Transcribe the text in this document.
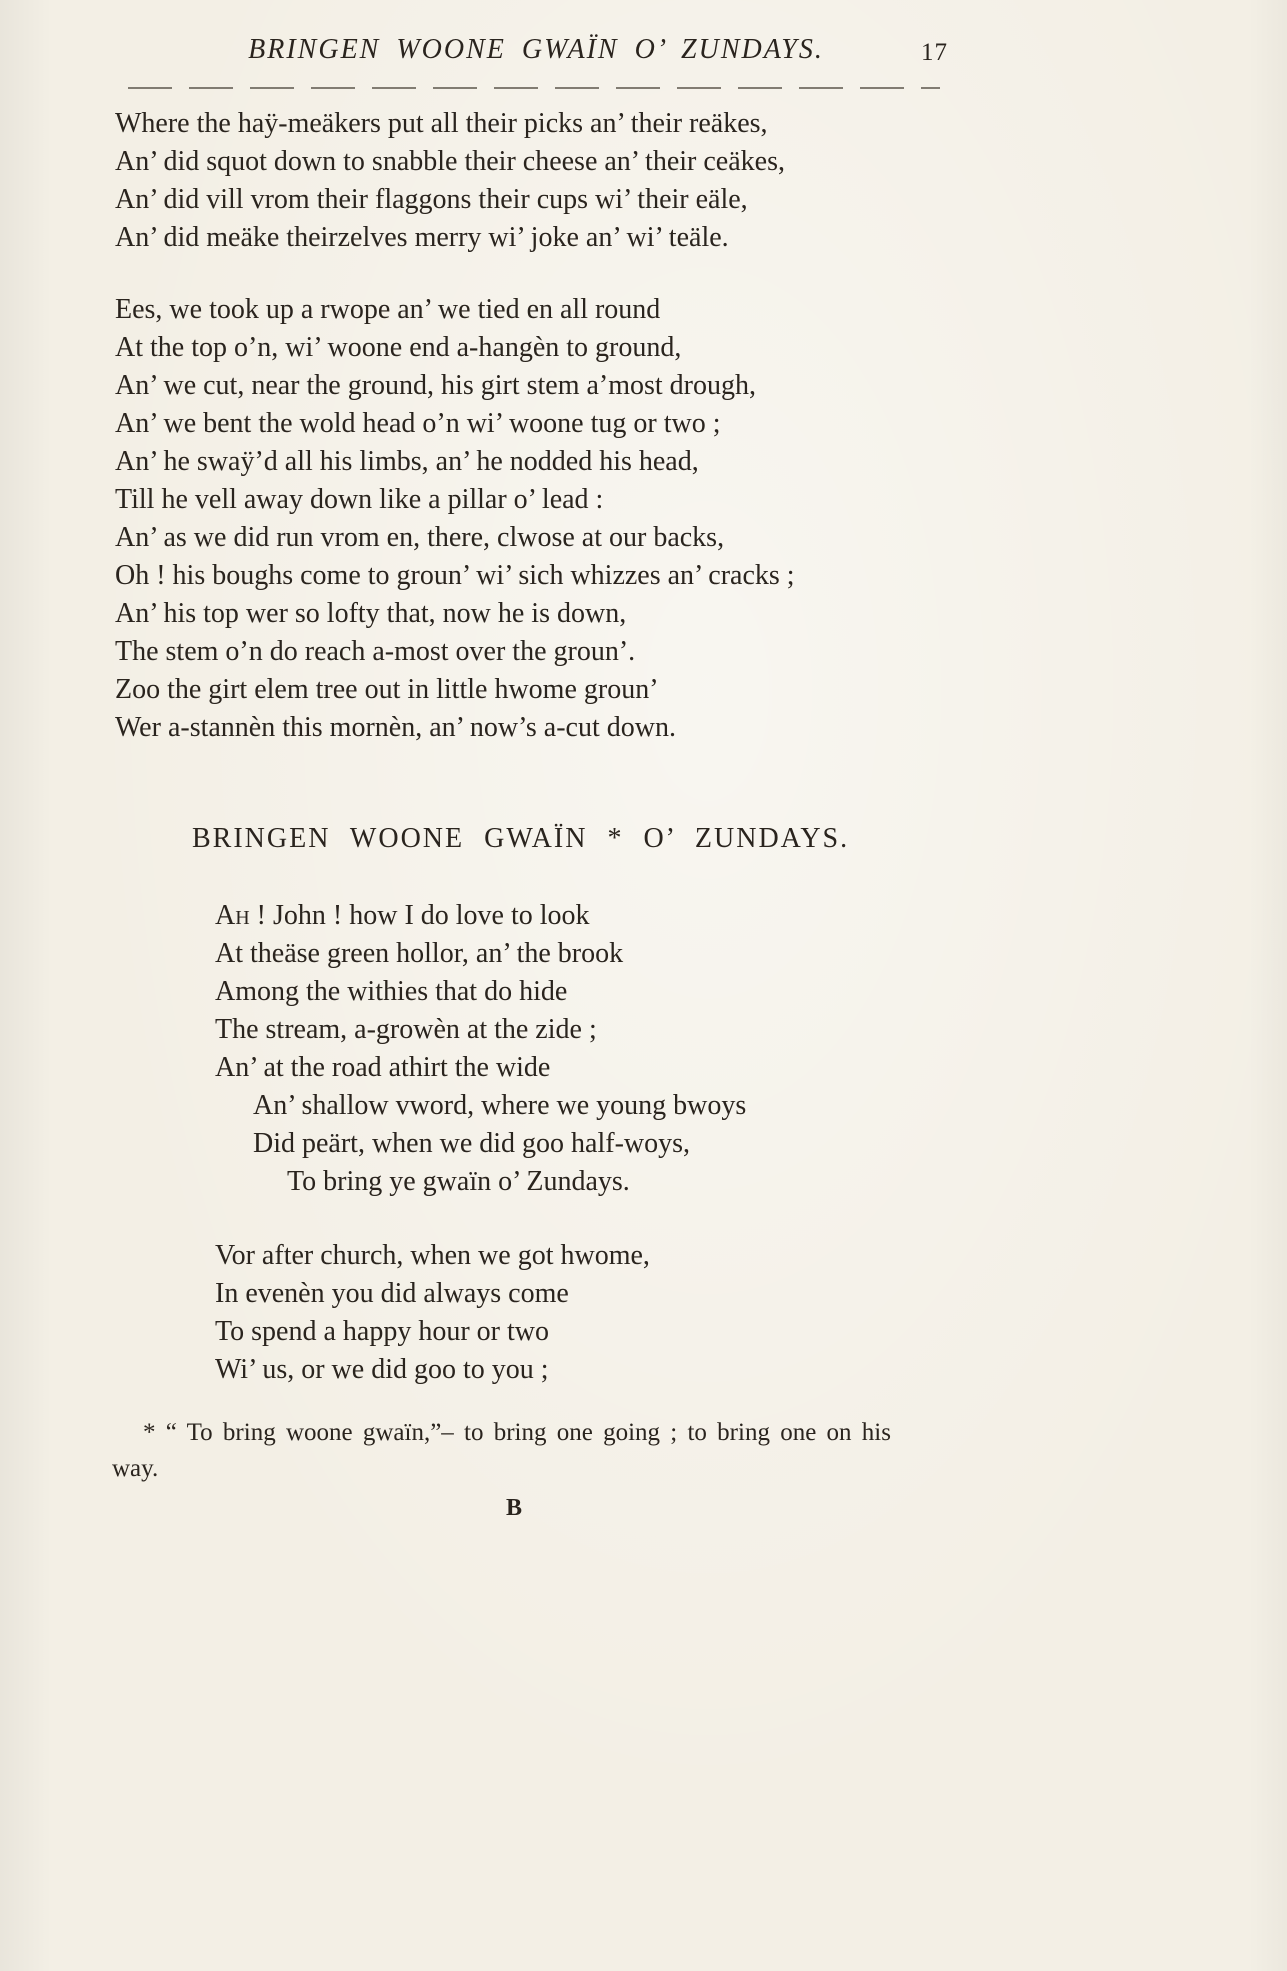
BRINGEN WOONE GWAÏN O’ ZUNDAYS.	17
Where the haÿ-meäkers put all their picks an’ their reäkes,
An’ did squot down to snabble their cheese an’ their ceäkes,
An’ did vill vrom their flaggons their cups wi’ their eäle,
An’ did meäke theirzelves merry wi’ joke an’ wi’ teäle.
Ees, we took up a rwope an’ we tied en all round
At the top o’n, wi’ woone end a-hangèn to ground,
An’ we cut, near the ground, his girt stem a’most drough,
An’ we bent the wold head o’n wi’ woone tug or two ;
An’ he swaÿ’d all his limbs, an’ he nodded his head,
Till he vell away down like a pillar o’ lead :
An’ as we did run vrom en, there, clwose at our backs,
Oh ! his boughs come to groun’ wi’ sich whizzes an’ cracks ;
An’ his top wer so lofty that, now he is down,
The stem o’n do reach a-most over the groun’.
Zoo the girt elem tree out in little hwome groun’
Wer a-stannèn this mornèn, an’ now’s a-cut down.
BRINGEN WOONE GWAÏN * O’ ZUNDAYS.
Ah ! John ! how I do love to look
At theäse green hollor, an’ the brook
Among the withies that do hide
The stream, a-growèn at the zide ;
An’ at the road athirt the wide
An’ shallow vword, where we young bwoys
Did peärt, when we did goo half-woys,
To bring ye gwaïn o’ Zundays.
Vor after church, when we got hwome,
In evenèn you did always come
To spend a happy hour or two
Wi’ us, or we did goo to you ;
* “ To bring woone gwaïn,”– to bring one going ; to bring one on his
way.
B
